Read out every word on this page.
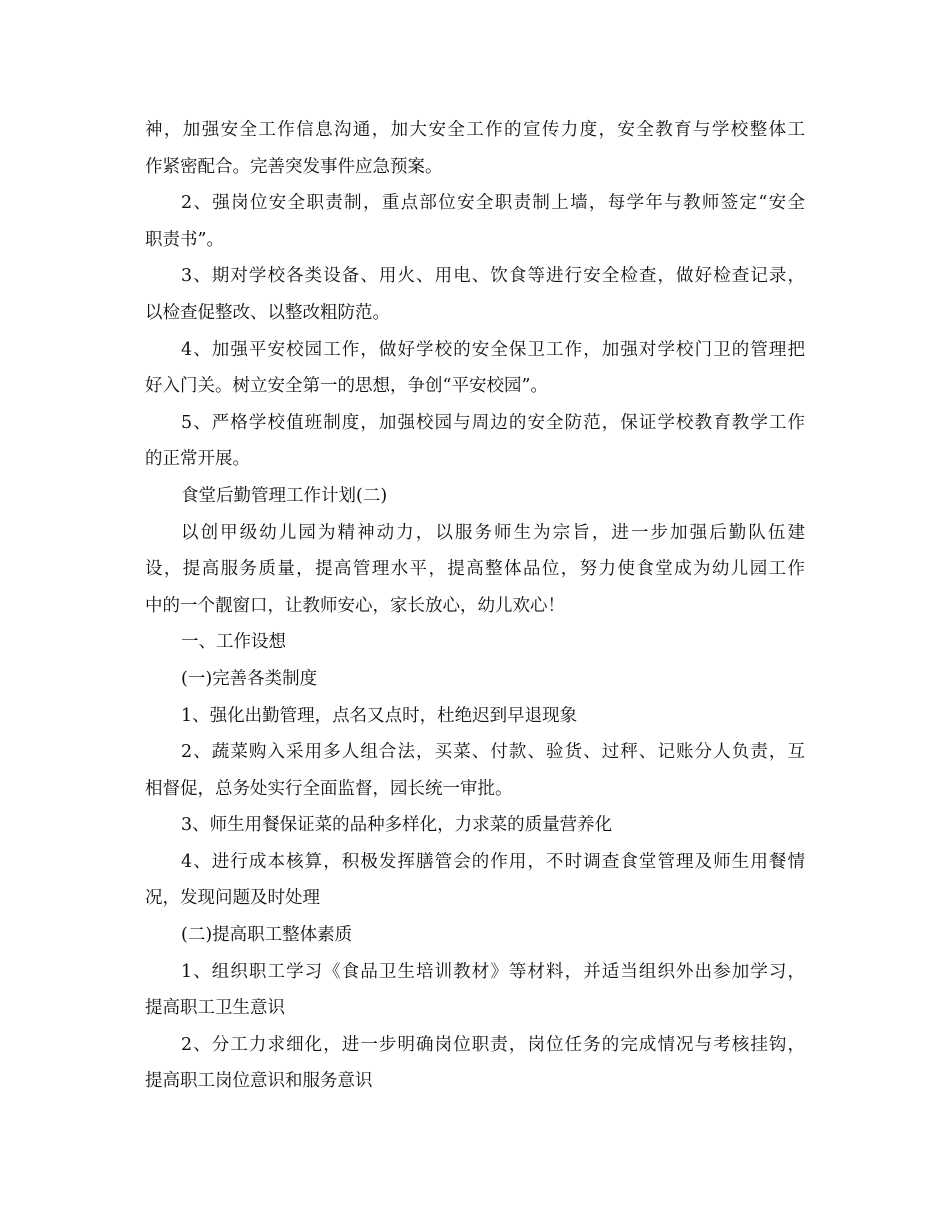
神，加强安全工作信息沟通，加大安全工作的宣传力度，安全教育与学校整体工
作紧密配合。完善突发事件应急预案。
2、强岗位安全职责制，重点部位安全职责制上墙，每学年与教师签定“安全
职责书”。
3、期对学校各类设备、用火、用电、饮食等进行安全检查，做好检查记录，
以检查促整改、以整改粗防范。
4、加强平安校园工作，做好学校的安全保卫工作，加强对学校门卫的管理把
好入门关。树立安全第一的思想，争创“平安校园”。
5、严格学校值班制度，加强校园与周边的安全防范，保证学校教育教学工作
的正常开展。
食堂后勤管理工作计划(二)
以创甲级幼儿园为精神动力，以服务师生为宗旨，进一步加强后勤队伍建
设，提高服务质量，提高管理水平，提高整体品位，努力使食堂成为幼儿园工作
中的一个靓窗口，让教师安心，家长放心，幼儿欢心！
一、工作设想
(一)完善各类制度
1、强化出勤管理，点名又点时，杜绝迟到早退现象
2、蔬菜购入采用多人组合法，买菜、付款、验货、过秤、记账分人负责，互
相督促，总务处实行全面监督，园长统一审批。
3、师生用餐保证菜的品种多样化，力求菜的质量营养化
4、进行成本核算，积极发挥膳管会的作用，不时调查食堂管理及师生用餐情
况，发现问题及时处理
(二)提高职工整体素质
1、组织职工学习《食品卫生培训教材》等材料，并适当组织外出参加学习，
提高职工卫生意识
2、分工力求细化，进一步明确岗位职责，岗位任务的完成情况与考核挂钩，
提高职工岗位意识和服务意识
